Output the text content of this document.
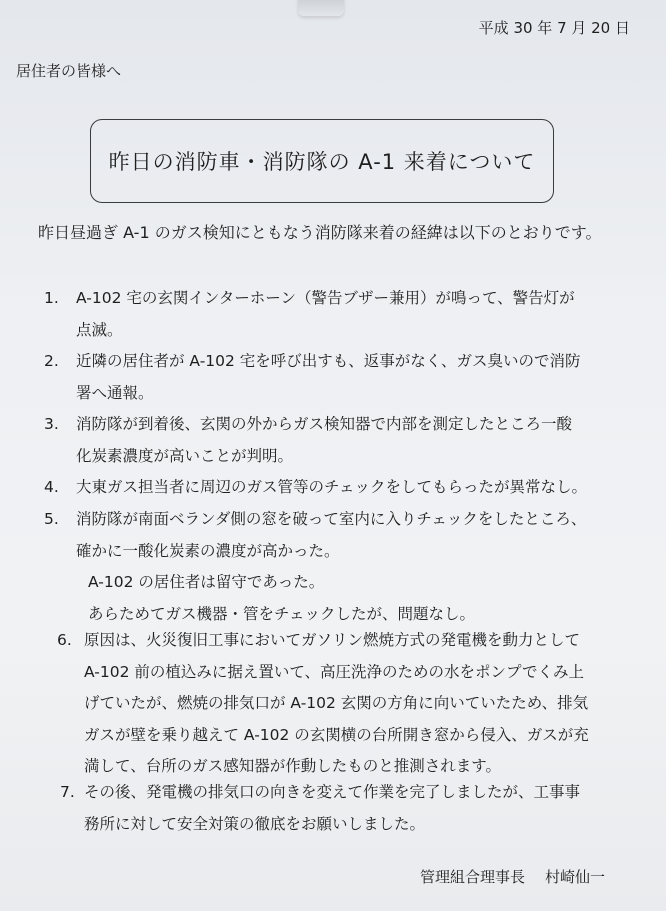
平成 30 年 7 月 20 日
居住者の皆様へ
昨日の消防車・消防隊の A-1 来着について
昨日昼過ぎ A-1 のガス検知にともなう消防隊来着の経緯は以下のとおりです。
1.	A-102 宅の玄関インターホーン（警告ブザー兼用）が鳴って、警告灯が
点滅。
2.	近隣の居住者が A-102 宅を呼び出すも、返事がなく、ガス臭いので消防
署へ通報。
3.	消防隊が到着後、玄関の外からガス検知器で内部を測定したところ一酸
化炭素濃度が高いことが判明。
4.	大東ガス担当者に周辺のガス管等のチェックをしてもらったが異常なし。
5.	消防隊が南面ベランダ側の窓を破って室内に入りチェックをしたところ、
確かに一酸化炭素の濃度が高かった。
A-102 の居住者は留守であった。
あらためてガス機器・管をチェックしたが、問題なし。
6. 原因は、火災復旧工事においてガソリン燃焼方式の発電機を動力として
A-102 前の植込みに据え置いて、高圧洗浄のための水をポンプでくみ上
げていたが、燃焼の排気口が A-102 玄関の方角に向いていたため、排気
ガスが壁を乗り越えて A-102 の玄関横の台所開き窓から侵入、ガスが充
満して、台所のガス感知器が作動したものと推測されます。
7. その後、発電機の排気口の向きを変えて作業を完了しましたが、工事事
務所に対して安全対策の徹底をお願いしました。
管理組合理事長 村崎仙一
